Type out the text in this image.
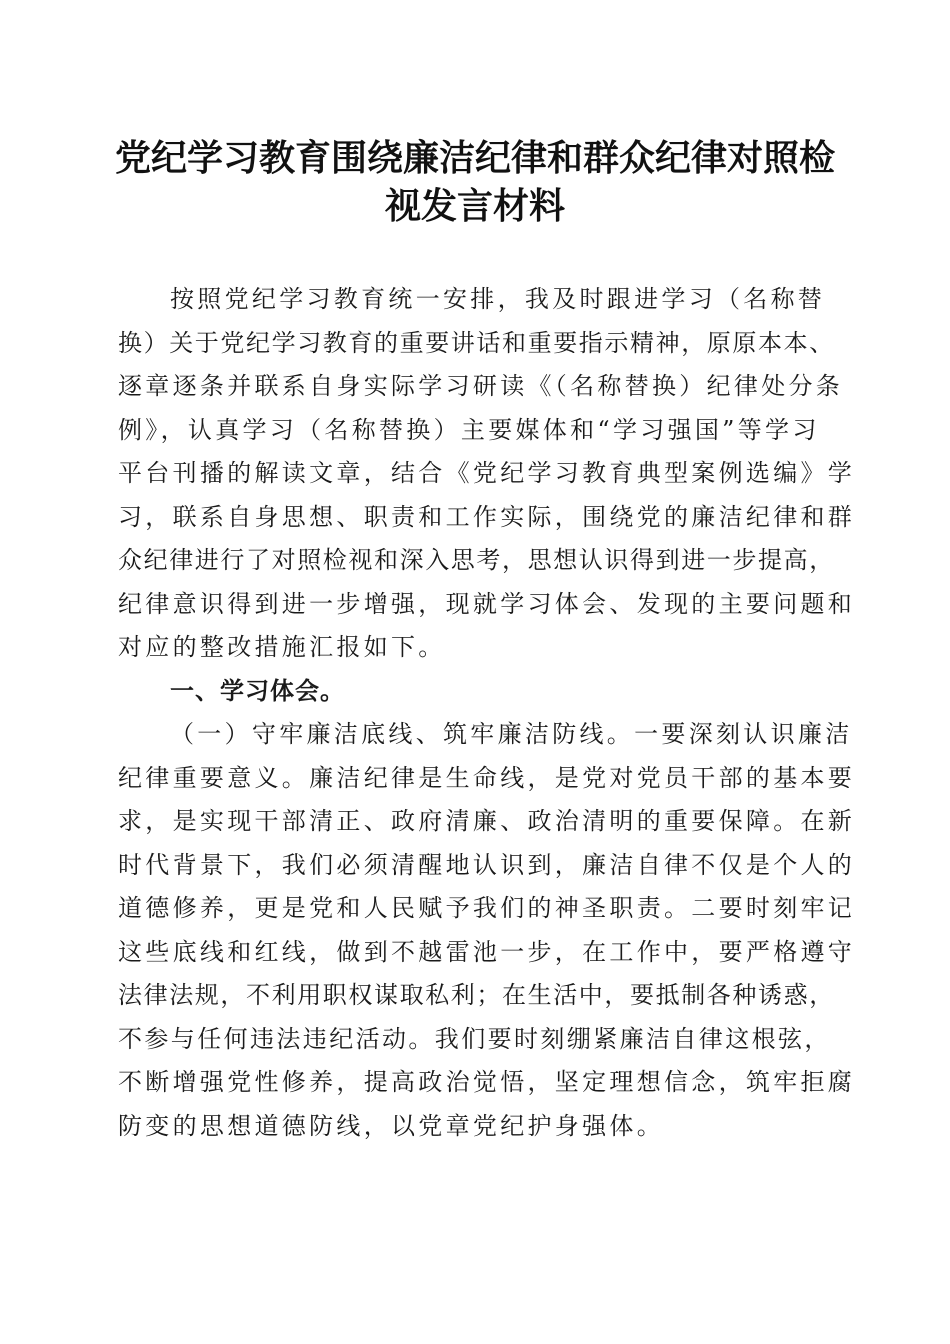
党纪学习教育围绕廉洁纪律和群众纪律对照检
视发言材料
按照党纪学习教育统一安排，我及时跟进学习（名称替
换）关于党纪学习教育的重要讲话和重要指示精神，原原本本、
逐章逐条并联系自身实际学习研读《（名称替换）纪律处分条
例》，认真学习（名称替换）主要媒体和“学习强国”等学习
平台刊播的解读文章，结合《党纪学习教育典型案例选编》学
习，联系自身思想、职责和工作实际，围绕党的廉洁纪律和群
众纪律进行了对照检视和深入思考，思想认识得到进一步提高，
纪律意识得到进一步增强，现就学习体会、发现的主要问题和
对应的整改措施汇报如下。
一、学习体会。
（一）守牢廉洁底线、筑牢廉洁防线。一要深刻认识廉洁
纪律重要意义。廉洁纪律是生命线，是党对党员干部的基本要
求，是实现干部清正、政府清廉、政治清明的重要保障。在新
时代背景下，我们必须清醒地认识到，廉洁自律不仅是个人的
道德修养，更是党和人民赋予我们的神圣职责。二要时刻牢记
这些底线和红线，做到不越雷池一步，在工作中，要严格遵守
法律法规，不利用职权谋取私利；在生活中，要抵制各种诱惑，
不参与任何违法违纪活动。我们要时刻绷紧廉洁自律这根弦，
不断增强党性修养，提高政治觉悟，坚定理想信念，筑牢拒腐
防变的思想道德防线，以党章党纪护身强体。
